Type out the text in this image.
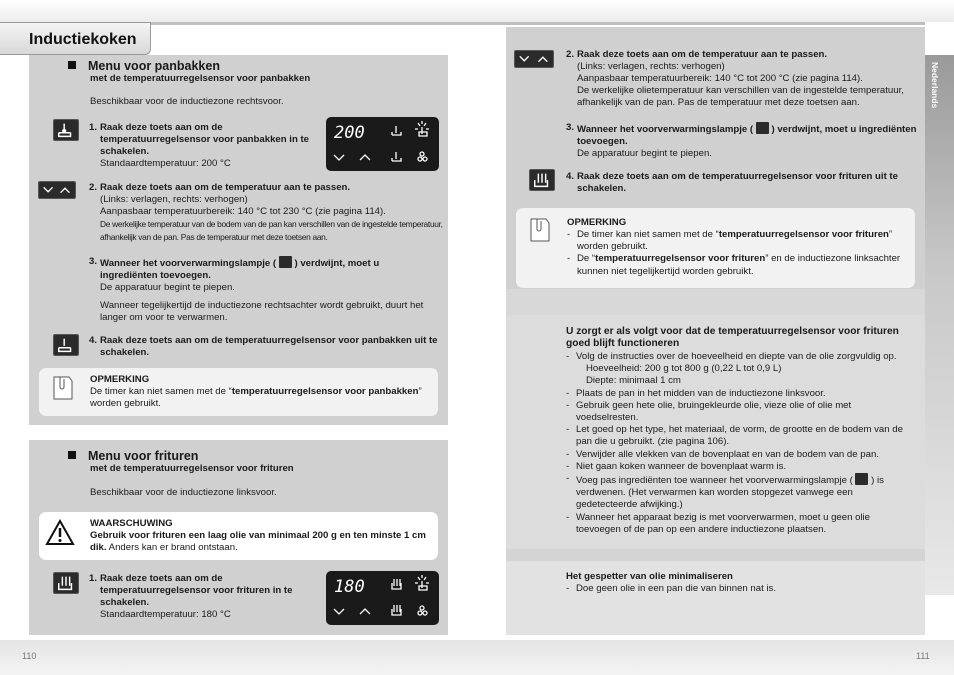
Inductiekoken
Nederlands
110	111
Menu voor panbakken
met de temperatuurregelsensor voor panbakken
Beschikbaar voor de inductiezone rechtsvoor.
1. Raak deze toets aan om de temperatuurregelsensor voor panbakken in te schakelen.
Standaardtemperatuur: 200 °C
200
2. Raak deze toets aan om de temperatuur aan te passen.
(Links: verlagen, rechts: verhogen)
Aanpasbaar temperatuurbereik: 140 °C tot 230 °C (zie pagina 114).
De werkelijke temperatuur van de bodem van de pan kan verschillen van de ingestelde temperatuur, afhankelijk van de pan. Pas de temperatuur met deze toetsen aan.
3. Wanneer het voorverwarmingslampje ( ) verdwijnt, moet u ingrediënten toevoegen.
De apparatuur begint te piepen.

Wanneer tegelijkertijd de inductiezone rechtsachter wordt gebruikt, duurt het langer om voor te verwarmen.
4. Raak deze toets aan om de temperatuurregelsensor voor panbakken uit te schakelen.
OPMERKING
De timer kan niet samen met de “temperatuurregelsensor voor panbakken” worden gebruikt.
Menu voor frituren
met de temperatuurregelsensor voor frituren
Beschikbaar voor de inductiezone linksvoor.
WAARSCHUWING
Gebruik voor frituren een laag olie van minimaal 200 g en ten minste 1 cm dik. Anders kan er brand ontstaan.
1. Raak deze toets aan om de temperatuurregelsensor voor frituren in te schakelen.
Standaardtemperatuur: 180 °C
180
2. Raak deze toets aan om de temperatuur aan te passen.
(Links: verlagen, rechts: verhogen)
Aanpasbaar temperatuurbereik: 140 °C tot 200 °C (zie pagina 114).
De werkelijke olietemperatuur kan verschillen van de ingestelde temperatuur, afhankelijk van de pan. Pas de temperatuur met deze toetsen aan.
3. Wanneer het voorverwarmingslampje ( ) verdwijnt, moet u ingrediënten toevoegen.
De apparatuur begint te piepen.
4. Raak deze toets aan om de temperatuurregelsensor voor frituren uit te schakelen.
OPMERKING
- De timer kan niet samen met de “temperatuurregelsensor voor frituren” worden gebruikt.
- De “temperatuurregelsensor voor frituren” en de inductiezone linksachter kunnen niet tegelijkertijd worden gebruikt.
U zorgt er als volgt voor dat de temperatuurregelsensor voor frituren goed blijft functioneren
- Volg de instructies over de hoeveelheid en diepte van de olie zorgvuldig op.
Hoeveelheid: 200 g tot 800 g (0,22 L tot 0,9 L)
Diepte: minimaal 1 cm
- Plaats de pan in het midden van de inductiezone linksvoor.
- Gebruik geen hete olie, bruingekleurde olie, vieze olie of olie met voedselresten.
- Let goed op het type, het materiaal, de vorm, de grootte en de bodem van de pan die u gebruikt. (zie pagina 106).
- Verwijder alle vlekken van de bovenplaat en van de bodem van de pan.
- Niet gaan koken wanneer de bovenplaat warm is.
- Voeg pas ingrediënten toe wanneer het voorverwarmingslampje ( ) is verdwenen. (Het verwarmen kan worden stopgezet vanwege een gedetecteerde afwijking.)
- Wanneer het apparaat bezig is met voorverwarmen, moet u geen olie toevoegen of de pan op een andere inductiezone plaatsen.
Het gespetter van olie minimaliseren
- Doe geen olie in een pan die van binnen nat is.
